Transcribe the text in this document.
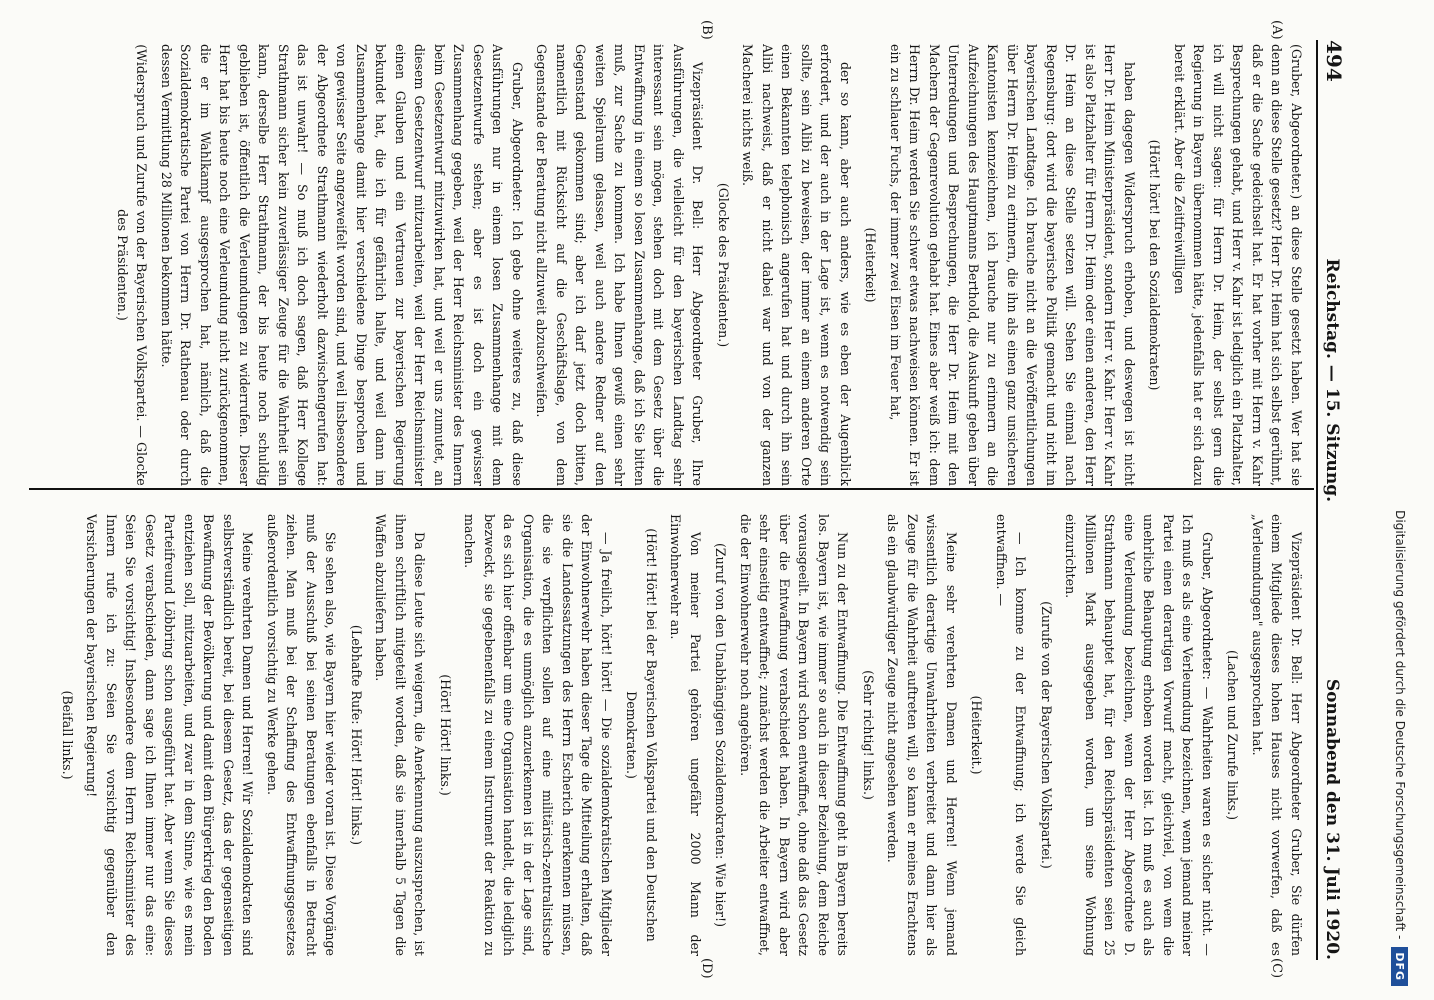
Digitalisierung gefördert durch die Deutsche Forschungsgemeinschaft -
DFG
494
Reichstag. — 15. Sitzung.
Sonnabend den 31. Juli 1920.
(A)
(B)
(C)
(D)

(Gruber, Abgeordneter.) an diese Stelle gesetzt haben. Wer hat sie denn an diese Stelle gesetzt? Herr Dr. Heim hat sich selbst gerühmt, daß er die Sache gedeichselt hat. Er hat vorher mit Herrn v. Kahr Besprechungen gehabt, und Herr v. Kahr ist lediglich ein Platzhalter, ich will nicht sagen: für Herrn Dr. Heim, der selbst gern die Regierung in Bayern übernommen hätte, jedenfalls hat er sich dazu bereit erklärt. Aber die Zeitfreiwilligen

(Hört! hört! bei den Sozialdemokraten)

haben dagegen Widerspruch erhoben, und deswegen ist nicht Herr Dr. Heim Ministerpräsident, sondern Herr v. Kahr. Herr v. Kahr ist also Platzhalter für Herrn Dr. Heim oder einen anderen, den Herr Dr. Heim an diese Stelle setzen will. Sehen Sie einmal nach Regensburg: dort wird die bayerische Politik gemacht und nicht im bayerischen Landtage. Ich brauche nicht an die Veröffentlichungen über Herrn Dr. Heim zu erinnern, die ihn als einen ganz unsicheren Kantonisten kennzeichnen, ich brauche nur zu erinnern an die Aufzeichnungen des Hauptmanns Berthold, die Auskunft geben über Unterredungen und Besprechungen, die Herr Dr. Heim mit den Machern der Gegenrevolution gehabt hat. Eines aber weiß ich: dem Herrn Dr. Heim werden Sie schwer etwas nachweisen können. Er ist ein zu schlauer Fuchs, der immer zwei Eisen im Feuer hat,

(Heiterkeit)

der so kann, aber auch anders, wie es eben der Augenblick erfordert, und der auch in der Lage ist, wenn es notwendig sein sollte, sein Alibi zu beweisen, der immer an einem anderen Orte einen Bekannten telephonisch angerufen hat und durch ihn sein Alibi nachweist, daß er nicht dabei war und von der ganzen Macherei nichts weiß.

(Glocke des Präsidenten.)

Vizepräsident Dr. Bell: Herr Abgeordneter Gruber, Ihre Ausführungen, die vielleicht für den bayerischen Landtag sehr interessant sein mögen, stehen doch mit dem Gesetz über die Entwaffnung in einem so losen Zusammenhange, daß ich Sie bitten muß, zur Sache zu kommen. Ich habe Ihnen gewiß einen sehr weiten Spielraum gelassen, weil auch andere Redner auf den Gegenstand gekommen sind; aber ich darf jetzt doch bitten, namentlich mit Rücksicht auf die Geschäftslage, von dem Gegenstande der Beratung nicht allzuweit abzuschweifen.

Gruber, Abgeordneter: Ich gebe ohne weiteres zu, daß diese Ausführungen nur in einem losen Zusammenhange mit dem Gesetzentwurfe stehen; aber es ist doch ein gewisser Zusammenhang gegeben, weil der Herr Reichsminister des Innern beim Gesetzentwurf mitzuwirken hat, und weil er uns zumutet, an diesem Gesetzentwurf mitzuarbeiten, weil der Herr Reichsminister einen Glauben und ein Vertrauen zur bayerischen Regierung bekundet hat, die ich für gefährlich halte, und weil dann im Zusammenhange damit hier verschiedene Dinge besprochen und von gewisser Seite angezweifelt worden sind, und weil insbesondere der Abgeordnete Strathmann wiederholt dazwischengerufen hat: das ist unwahr! — So muß ich doch sagen, daß Herr Kollege Strathmann sicher kein zuverlässiger Zeuge für die Wahrheit sein kann, derselbe Herr Strathmann, der bis heute noch schuldig geblieben ist, öffentlich die Verleumdungen zu widerrufen. Dieser Herr hat bis heute noch eine Verleumdung nicht zurückgenommen, die er im Wahlkampf ausgesprochen hat, nämlich, daß die Sozialdemokratische Partei von Herrn Dr. Rathenau oder durch dessen Vermittlung 28 Millionen bekommen hätte.

(Widerspruch und Zurufe von der Bayerischen Volkspartei. — Glocke des Präsidenten.)

Vizepräsident Dr. Bell: Herr Abgeordneter Gruber, Sie dürfen einem Mitgliede dieses hohen Hauses nicht vorwerfen, daß es „Verleumdungen" ausgesprochen hat.

(Lachen und Zurufe links.)

Gruber, Abgeordneter: — Wahrheiten waren es sicher nicht. — Ich muß es als eine Verleumdung bezeichnen, wenn jemand meiner Partei einen derartigen Vorwurf macht, gleichviel, von wem die unehrliche Behauptung erhoben worden ist. Ich muß es auch als eine Verleumdung bezeichnen, wenn der Herr Abgeordnete D. Strathmann behauptet hat, für den Reichspräsidenten seien 25 Millionen Mark ausgegeben worden, um seine Wohnung einzurichten.

(Zurufe von der Bayerischen Volkspartei.)

— Ich komme zu der Entwaffnung; ich werde Sie gleich entwaffnen. —

(Heiterkeit.)

Meine sehr verehrten Damen und Herren! Wenn jemand wissentlich derartige Unwahrheiten verbreitet und dann hier als Zeuge für die Wahrheit auftreten will, so kann er meines Erachtens als ein glaubwürdiger Zeuge nicht angesehen werden.

(Sehr richtig! links.)

Nun zu der Entwaffnung. Die Entwaffnung geht in Bayern bereits los. Bayern ist, wie immer so auch in dieser Beziehung, dem Reiche vorausgeeilt. In Bayern wird schon entwaffnet, ohne daß das Gesetz über die Entwaffnung verabschiedet haben. In Bayern wird aber sehr einseitig entwaffnet; zunächst werden die Arbeiter entwaffnet, die der Einwohnerwehr noch angehören.

(Zuruf von den Unabhängigen Sozialdemokraten: Wie hier!)

Von meiner Partei gehören ungefähr 2000 Mann der Einwohnerwehr an.

(Hört! Hört! bei der Bayerischen Volkspartei und den Deutschen Demokraten.)

— Ja freilich, hört! hört! — Die sozialdemokratischen Mitglieder der Einwohnerwehr haben dieser Tage die Mitteilung erhalten, daß sie die Landessatzungen des Herrn Escherich anerkennen müssen, die sie verpflichten sollen auf eine militärisch-zentralistische Organisation, die es unmöglich anzuerkennen ist in der Lage sind, da es sich hier offenbar um eine Organisation handelt, die lediglich bezweckt, sie gegebenenfalls zu einem Instrument der Reaktion zu machen.

(Hört! Hört! links.)

Da diese Leute sich weigern, die Anerkennung auszusprechen, ist ihnen schriftlich mitgeteilt worden, daß sie innerhalb 5 Tagen die Waffen abzuliefern haben.

(Lebhafte Rufe: Hört! Hört! links.)

Sie sehen also, wie Bayern hier wieder voran ist. Diese Vorgänge muß der Ausschuß bei seinen Beratungen ebenfalls in Betracht ziehen. Man muß bei der Schaffung des Entwaffnungsgesetzes außerordentlich vorsichtig zu Werke gehen.

Meine verehrten Damen und Herren! Wir Sozialdemokraten sind selbstverständlich bereit, bei diesem Gesetz, das der gegenseitigen Bewaffnung der Bevölkerung und damit dem Bürgerkrieg den Boden entziehen soll, mitzuarbeiten, und zwar in dem Sinne, wie es mein Parteifreund Löbbring schon ausgeführt hat. Aber wenn Sie dieses Gesetz verabschieden, dann sage ich Ihnen immer nur das eine: Seien Sie vorsichtig! Insbesondere dem Herrn Reichsminister des Innern rufe ich zu: Seien Sie vorsichtig gegenüber den Versicherungen der bayerischen Regierung!

(Beifall links.)
